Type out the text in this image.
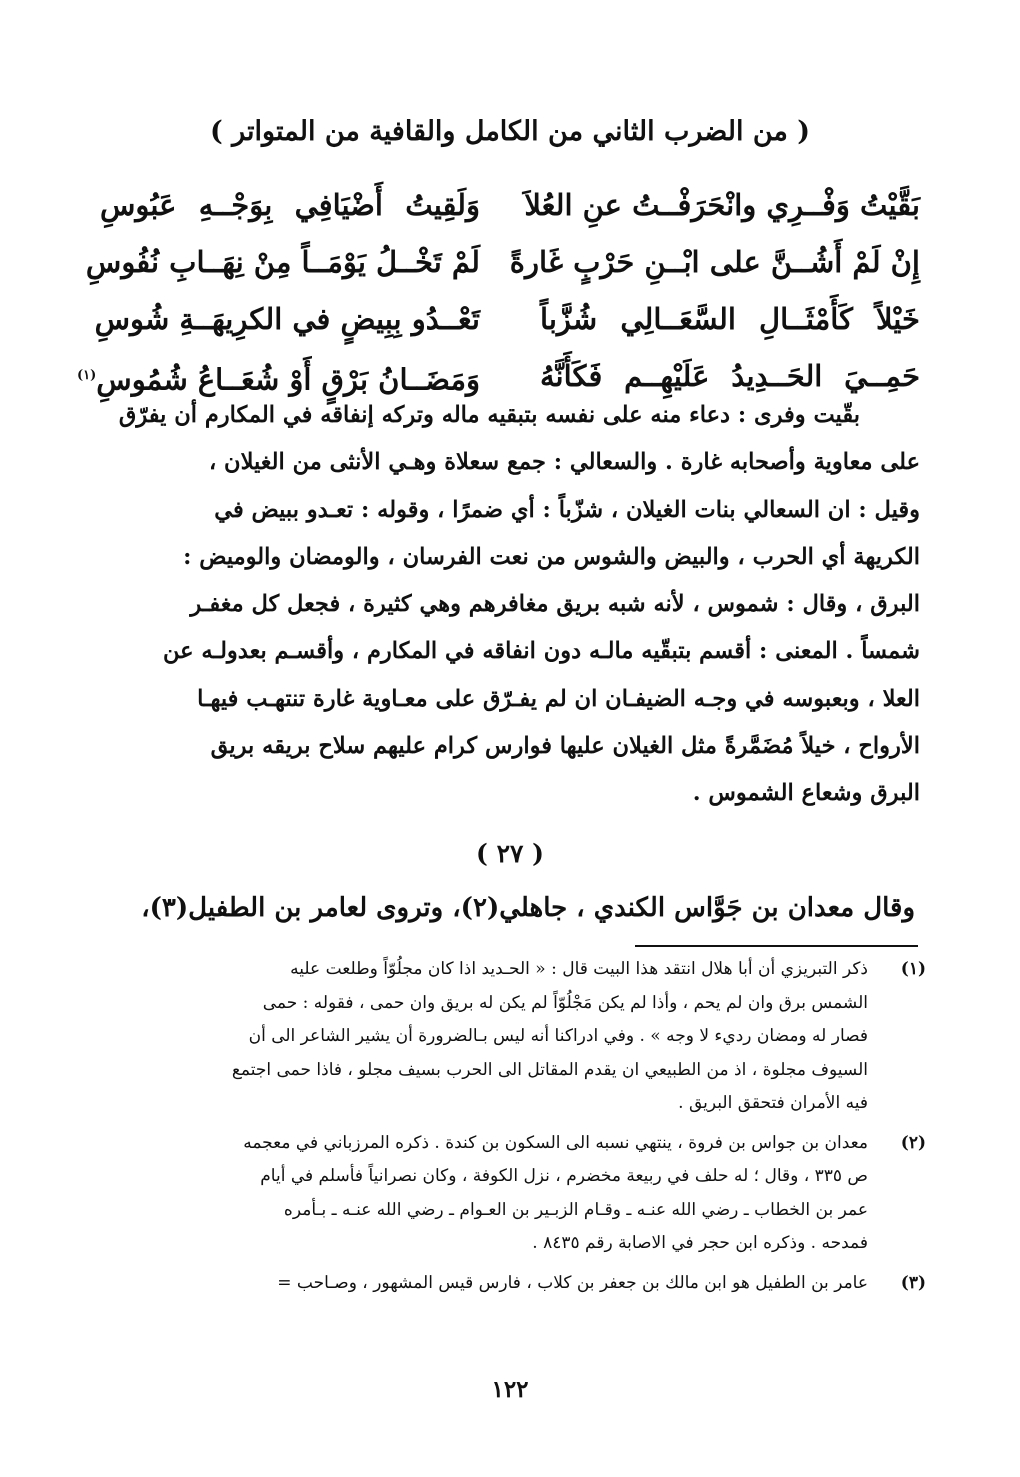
( من الضرب الثاني من الكامل والقافية من المتواتر )
بَقَّيْتُ وَفْــرِي وانْحَرَفْــتُ عنِ العُلاَ
وَلَقِيتُ أَضْيَافِي بِوَجْــهِ عَبُوسِ
إِنْ لَمْ أَشُــنَّ على ابْــنِ حَرْبٍ غَارةً
لَمْ تَخْــلُ يَوْمَــاً مِنْ نِهَــابِ نُفُوسِ
خَيْلاً كَأَمْثَــالِ السَّعَــالِي شُزَّباً
تَعْــدُو بِبِيضٍ في الكرِيهَــةِ شُوسِ
حَمِــيَ الحَــدِيدُ عَلَيْهِــم فَكَأَنَّهُ
وَمَضَــانُ بَرْقٍ أَوْ شُعَــاعُ شُمُوسِ$^{(١)}$

بقّيت وفرى : دعاء منه على نفسه بتبقيه ماله وتركه إنفاقه في المكارم أن يفرّق

على معاوية وأصحابه غارة . والسعالي : جمع سعلاة وهـي الأنثى من الغيلان ،

وقيل : ان السعالي بنات الغيلان ، شزّباً : أي ضمرًا ، وقوله : تعـدو ببيض في

الكريهة أي الحرب ، والبيض والشوس من نعت الفرسان ، والومضان والوميض :

البرق ، وقال : شموس ، لأنه شبه بريق مغافرهم وهي كثيرة ، فجعل كل مغفـر

شمساً . المعنى : أقسم بتبقّيه مالـه دون انفاقه في المكارم ، وأقسـم بعدولـه عن

العلا ، وبعبوسه في وجـه الضيفـان ان لم يفـرّق على معـاوية غارة تنتهـب فيهـا

الأرواح ، خيلاً مُضَمَّرةً مثل الغيلان عليها فوارس كرام عليهم سلاح بريقه بريق

البرق وشعاع الشموس .

( ٢٧ )
وقال معدان بن جَوَّاس الكندي ، جاهلي(٢)، وتروى لعامر بن الطفيل(٣)،
(١)
ذكر التبريزي أن أبا هلال انتقد هذا البيت قال : « الحـديد اذا كان مجلُوّاً وطلعت عليه
الشمس برق وان لم يحم ، وأذا لم يكن مَجْلُوّاً لم يكن له بريق وان حمى ، فقوله : حمى
فصار له ومضان رديء لا وجه » . وفي ادراكنا أنه ليس بـالضرورة أن يشير الشاعر الى أن
السيوف مجلوة ، اذ من الطبيعي ان يقدم المقاتل الى الحرب بسيف مجلو ، فاذا حمى اجتمع
فيه الأمران فتحقق البريق .
(٢)
معدان بن جواس بن فروة ، ينتهي نسبه الى السكون بن كندة . ذكره المرزباني في معجمه
ص ٣٣٥ ، وقال ؛ له حلف في ربيعة مخضرم ، نزل الكوفة ، وكان نصرانياً فأسلم في أيام
عمر بن الخطاب ـ رضي الله عنـه ـ وقـام الزبـير بن العـوام ـ رضي الله عنـه ـ بـأمره
فمدحه . وذكره ابن حجر في الاصابة رقم ٨٤٣٥ .
(٣)
عامر بن الطفيل هو ابن مالك بن جعفر بن كلاب ، فارس قيس المشهور ، وصـاحب =
١٢٢
